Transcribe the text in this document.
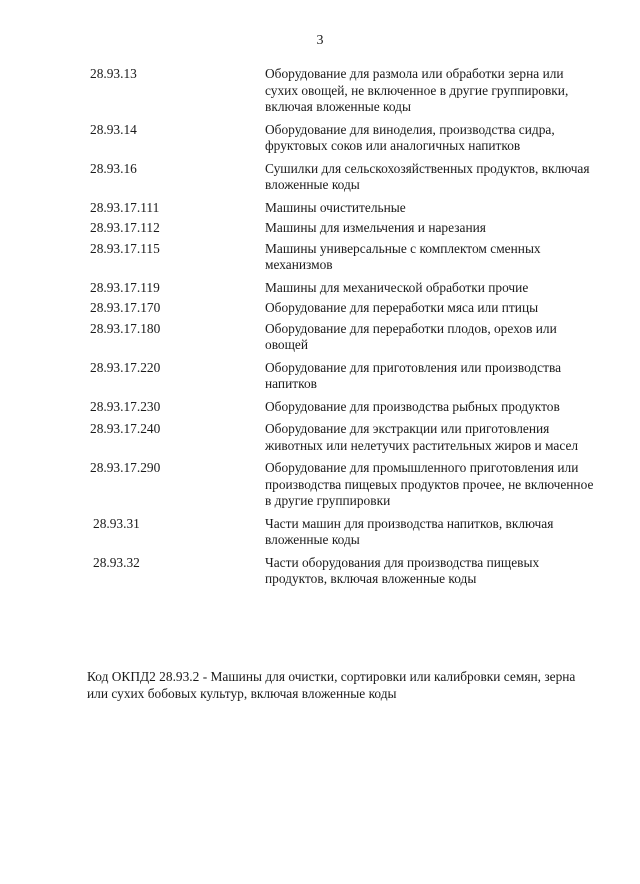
3
28.93.13	Оборудование для размола или обработки зерна или сухих овощей, не включенное в другие группировки, включая вложенные коды
28.93.14	Оборудование для виноделия, производства сидра, фруктовых соков или аналогичных напитков
28.93.16	Сушилки для сельскохозяйственных продуктов, включая вложенные коды
28.93.17.111	Машины очистительные
28.93.17.112	Машины для измельчения и нарезания
28.93.17.115	Машины универсальные с комплектом сменных механизмов
28.93.17.119	Машины для механической обработки прочие
28.93.17.170	Оборудование для переработки мяса или птицы
28.93.17.180	Оборудование для переработки плодов, орехов или овощей
28.93.17.220	Оборудование для приготовления или производства напитков
28.93.17.230	Оборудование для производства рыбных продуктов
28.93.17.240	Оборудование для экстракции или приготовления животных или нелетучих растительных жиров и масел
28.93.17.290	Оборудование для промышленного приготовления или производства пищевых продуктов прочее, не включенное в другие группировки
28.93.31	Части машин для производства напитков, включая вложенные коды
28.93.32	Части оборудования для производства пищевых продуктов, включая вложенные коды
Код ОКПД2 28.93.2 - Машины для очистки, сортировки или калибровки семян, зерна или сухих бобовых культур, включая вложенные коды
